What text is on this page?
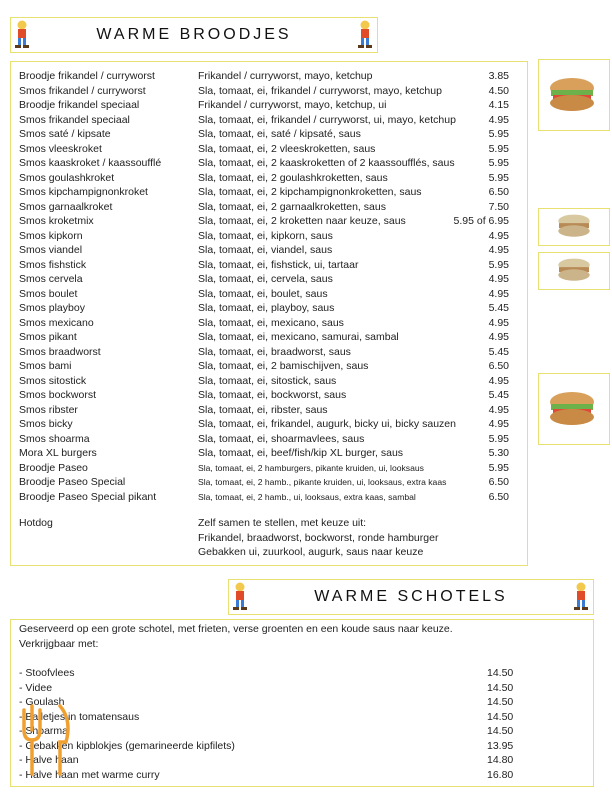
WARME BROODJES
Hotdog	Zelf samen te stellen, met keuze uit:
Frikandel, braadworst, bockworst, ronde hamburger
Gebakken ui, zuurkool, augurk, saus naar keuze
Broodje frikandel / curryworst	Frikandel / curryworst, mayo, ketchup	3.85
Smos frikandel / curryworst	Sla, tomaat, ei, frikandel / curryworst, mayo, ketchup	4.50
Broodje frikandel speciaal	Frikandel / curryworst, mayo, ketchup, ui	4.15
Smos frikandel speciaal	Sla, tomaat, ei, frikandel / curryworst, ui, mayo, ketchup	4.95
Smos saté / kipsate	Sla, tomaat, ei, saté / kipsaté, saus	5.95
Smos vleeskroket	Sla, tomaat, ei, 2 vleeskroketten, saus	5.95
Smos kaaskroket / kaassoufflé	Sla, tomaat, ei, 2 kaaskroketten of 2 kaassoufflés, saus	5.95
Smos goulashkroket	Sla, tomaat, ei, 2 goulashkroketten, saus	5.95
Smos kipchampignonkroket	Sla, tomaat, ei, 2 kipchampignonkroketten, saus	6.50
Smos garnaalkroket	Sla, tomaat, ei, 2 garnaalkroketten, saus	7.50
Smos kroketmix	Sla, tomaat, ei, 2 kroketten naar keuze, saus	5.95 of 6.95
Smos kipkorn	Sla, tomaat, ei, kipkorn, saus	4.95
Smos viandel	Sla, tomaat, ei, viandel, saus	4.95
Smos fishstick	Sla, tomaat, ei, fishstick, ui, tartaar	5.95
Smos cervela	Sla, tomaat, ei, cervela, saus	4.95
Smos boulet	Sla, tomaat, ei, boulet, saus	4.95
Smos playboy	Sla, tomaat, ei, playboy, saus	5.45
Smos mexicano	Sla, tomaat, ei, mexicano, saus	4.95
Smos pikant	Sla, tomaat, ei, mexicano, samurai, sambal	4.95
Smos braadworst	Sla, tomaat, ei, braadworst, saus	5.45
Smos bami	Sla, tomaat, ei, 2 bamischijven, saus	6.50
Smos sitostick	Sla, tomaat, ei, sitostick, saus	4.95
Smos bockworst	Sla, tomaat, ei, bockworst, saus	5.45
Smos ribster	Sla, tomaat, ei, ribster, saus	4.95
Smos bicky	Sla, tomaat, ei, frikandel, augurk, bicky ui, bicky sauzen	4.95
Smos shoarma	Sla, tomaat, ei, shoarmavlees, saus	5.95
Mora XL burgers	Sla, tomaat, ei, beef/fish/kip XL burger, saus	5.30
Broodje Paseo	Sla, tomaat, ei, 2 hamburgers, pikante kruiden, ui, looksaus	5.95
Broodje Paseo Special	Sla, tomaat, ei, 2 hamb., pikante kruiden, ui, looksaus, extra kaas	6.50
Broodje Paseo Special pikant	Sla, tomaat, ei, 2 hamb., ui, looksaus, extra kaas, sambal	6.50
WARME SCHOTELS
Geserveerd op een grote schotel, met frieten, verse groenten en een koude saus naar keuze.
Verkrijgbaar met:
- Stoofvlees	14.50
- Videe	14.50
- Goulash	14.50
- Balletjes in tomatensaus	14.50
- Shoarma	14.50
- Gebakken kipblokjes (gemarineerde kipfilets)	13.95
- Halve haan	14.80
- Halve haan met warme curry	16.80
